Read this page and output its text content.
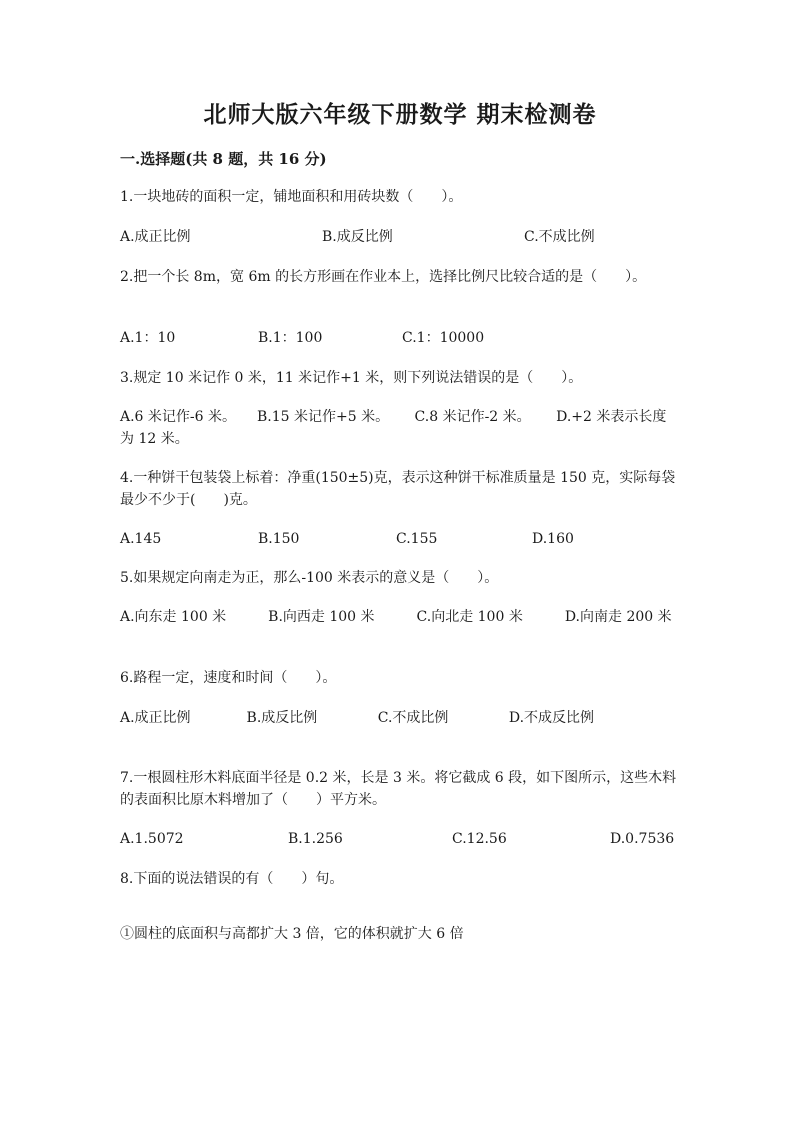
北师大版六年级下册数学 期末检测卷
一.选择题(共 8 题，共 16 分)
1.一块地砖的面积一定，铺地面积和用砖块数（　　）。
A.成正比例	B.成反比例	C.不成比例
2.把一个长 8m，宽 6m 的长方形画在作业本上，选择比例尺比较合适的是（　　）。
A.1：10	B.1：100	C.1：10000
3.规定 10 米记作 0 米，11 米记作+1 米，则下列说法错误的是（　　）。
A.6 米记作-6 米。　　B.15 米记作+5 米。　　 C.8 米记作-2 米。　　 D.+2 米表示长度为 12 米。
4.一种饼干包装袋上标着：净重(150±5)克，表示这种饼干标准质量是 150 克，实际每袋最少不少于(　　)克。
A.145	B.150	C.155	D.160
5.如果规定向南走为正，那么-100 米表示的意义是（　　）。
A.向东走 100 米　　　B.向西走 100 米　　　C.向北走 100 米　　　D.向南走 200 米
6.路程一定，速度和时间（　　）。
A.成正比例　　　　B.成反比例　　　　 C.不成比例　　　　 D.不成反比例
7.一根圆柱形木料底面半径是 0.2 米，长是 3 米。将它截成 6 段，如下图所示，这些木料的表面积比原木料增加了（　　）平方米。
A.1.5072	B.1.256	C.12.56	D.0.7536
8.下面的说法错误的有（　　）句。
①圆柱的底面积与高都扩大 3 倍，它的体积就扩大 6 倍
